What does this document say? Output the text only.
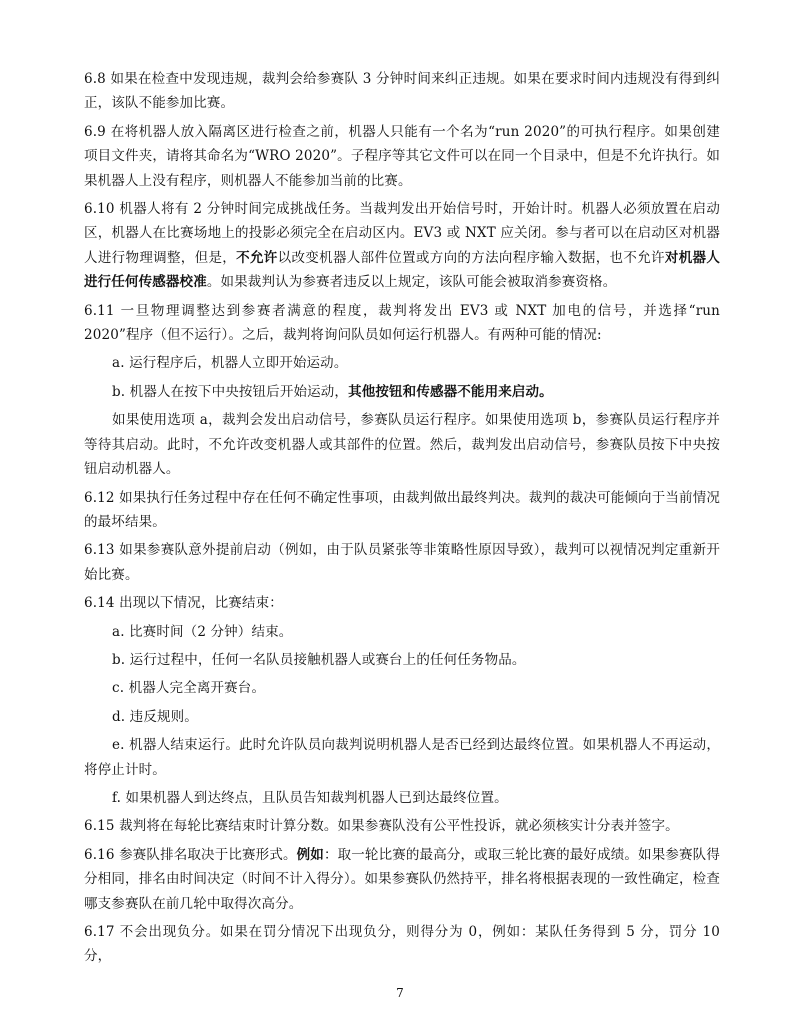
6.8 如果在检查中发现违规，裁判会给参赛队 3 分钟时间来纠正违规。如果在要求时间内违规没有得到纠正，该队不能参加比赛。

6.9 在将机器人放入隔离区进行检查之前，机器人只能有一个名为“run 2020”的可执行程序。如果创建项目文件夹，请将其命名为“WRO 2020”。子程序等其它文件可以在同一个目录中，但是不允许执行。如果机器人上没有程序，则机器人不能参加当前的比赛。

6.10 机器人将有 2 分钟时间完成挑战任务。当裁判发出开始信号时，开始计时。机器人必须放置在启动区，机器人在比赛场地上的投影必须完全在启动区内。EV3 或 NXT 应关闭。参与者可以在启动区对机器人进行物理调整，但是，不允许以改变机器人部件位置或方向的方法向程序输入数据，也不允许对机器人进行任何传感器校准。如果裁判认为参赛者违反以上规定，该队可能会被取消参赛资格。

6.11 一旦物理调整达到参赛者满意的程度，裁判将发出 EV3 或 NXT 加电的信号，并选择“run 2020”程序（但不运行）。之后，裁判将询问队员如何运行机器人。有两种可能的情况:

a. 运行程序后，机器人立即开始运动。

b. 机器人在按下中央按钮后开始运动，其他按钮和传感器不能用来启动。

如果使用选项 a，裁判会发出启动信号，参赛队员运行程序。如果使用选项 b，参赛队员运行程序并等待其启动。此时，不允许改变机器人或其部件的位置。然后，裁判发出启动信号，参赛队员按下中央按钮启动机器人。

6.12 如果执行任务过程中存在任何不确定性事项，由裁判做出最终判决。裁判的裁决可能倾向于当前情况的最坏结果。

6.13 如果参赛队意外提前启动（例如，由于队员紧张等非策略性原因导致），裁判可以视情况判定重新开始比赛。

6.14 出现以下情况，比赛结束：

a. 比赛时间（2 分钟）结束。

b. 运行过程中，任何一名队员接触机器人或赛台上的任何任务物品。

c. 机器人完全离开赛台。

d. 违反规则。

e. 机器人结束运行。此时允许队员向裁判说明机器人是否已经到达最终位置。如果机器人不再运动，将停止计时。

f. 如果机器人到达终点，且队员告知裁判机器人已到达最终位置。

6.15 裁判将在每轮比赛结束时计算分数。如果参赛队没有公平性投诉，就必须核实计分表并签字。

6.16 参赛队排名取决于比赛形式。例如：取一轮比赛的最高分，或取三轮比赛的最好成绩。如果参赛队得分相同，排名由时间决定（时间不计入得分）。如果参赛队仍然持平，排名将根据表现的一致性确定，检查哪支参赛队在前几轮中取得次高分。

6.17 不会出现负分。如果在罚分情况下出现负分，则得分为 0，例如：某队任务得到 5 分，罚分 10 分，

7
